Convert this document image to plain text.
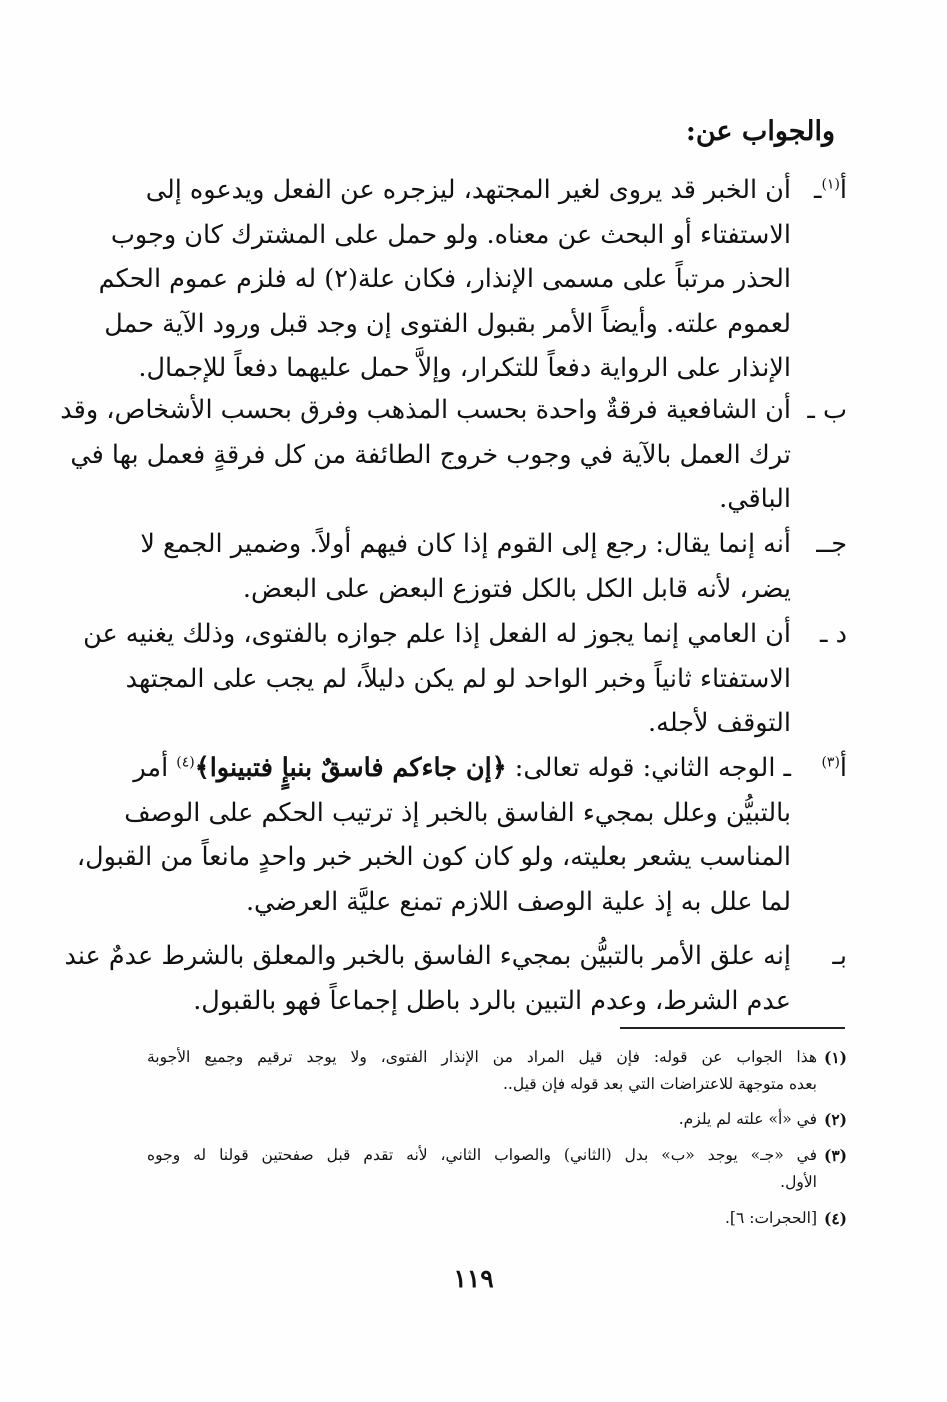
والجواب عن:
أ$^{(١)}$ـ
أن الخبر قد يروى لغير المجتهد، ليزجره عن الفعل ويدعوه إلى
الاستفتاء أو البحث عن معناه. ولو حمل على المشترك كان وجوب
الحذر مرتباً على مسمى الإنذار، فكان علة(٢) له فلزم عموم الحكم
لعموم علته. وأيضاً الأمر بقبول الفتوى إن وجد قبل ورود الآية حمل
الإنذار على الرواية دفعاً للتكرار، وإلاَّ حمل عليهما دفعاً للإجمال.
ب ـ
أن الشافعية فرقةٌ واحدة بحسب المذهب وفرق بحسب الأشخاص، وقد
ترك العمل بالآية في وجوب خروج الطائفة من كل فرقةٍ فعمل بها في
الباقي.
جــ
أنه إنما يقال: رجع إلى القوم إذا كان فيهم أولاً. وضمير الجمع لا
يضر، لأنه قابل الكل بالكل فتوزع البعض على البعض.
د ـ
أن العامي إنما يجوز له الفعل إذا علم جوازه بالفتوى، وذلك يغنيه عن
الاستفتاء ثانياً وخبر الواحد لو لم يكن دليلاً، لم يجب على المجتهد
التوقف لأجله.
أ$^{(٣)}$
ـ الوجه الثاني: قوله تعالى: ﴿إن جاءكم فاسقٌ بنبإٍ فتبينوا﴾$^{(٤)}$ أمر
بالتبيُّن وعلل بمجيء الفاسق بالخبر إذ ترتيب الحكم على الوصف
المناسب يشعر بعليته، ولو كان كون الخبر خبر واحدٍ مانعاً من القبول،
لما علل به إذ علية الوصف اللازم تمنع عليَّة العرضي.
بـ
إنه علق الأمر بالتبيُّن بمجيء الفاسق بالخبر والمعلق بالشرط عدمٌ عند
عدم الشرط، وعدم التبين بالرد باطل إجماعاً فهو بالقبول.
(١)
هذا الجواب عن قوله: فإن قيل المراد من الإنذار الفتوى، ولا يوجد ترقيم وجميع الأجوبة
بعده متوجهة للاعتراضات التي بعد قوله فإن قيل..
(٢)
في «أ» علته لم يلزم.
(٣)
في «جـ» يوجد «ب» بدل (الثاني) والصواب الثاني، لأنه تقدم قبل صفحتين قولنا له وجوه
الأول.
(٤)
[الحجرات: ٦].
١١٩
